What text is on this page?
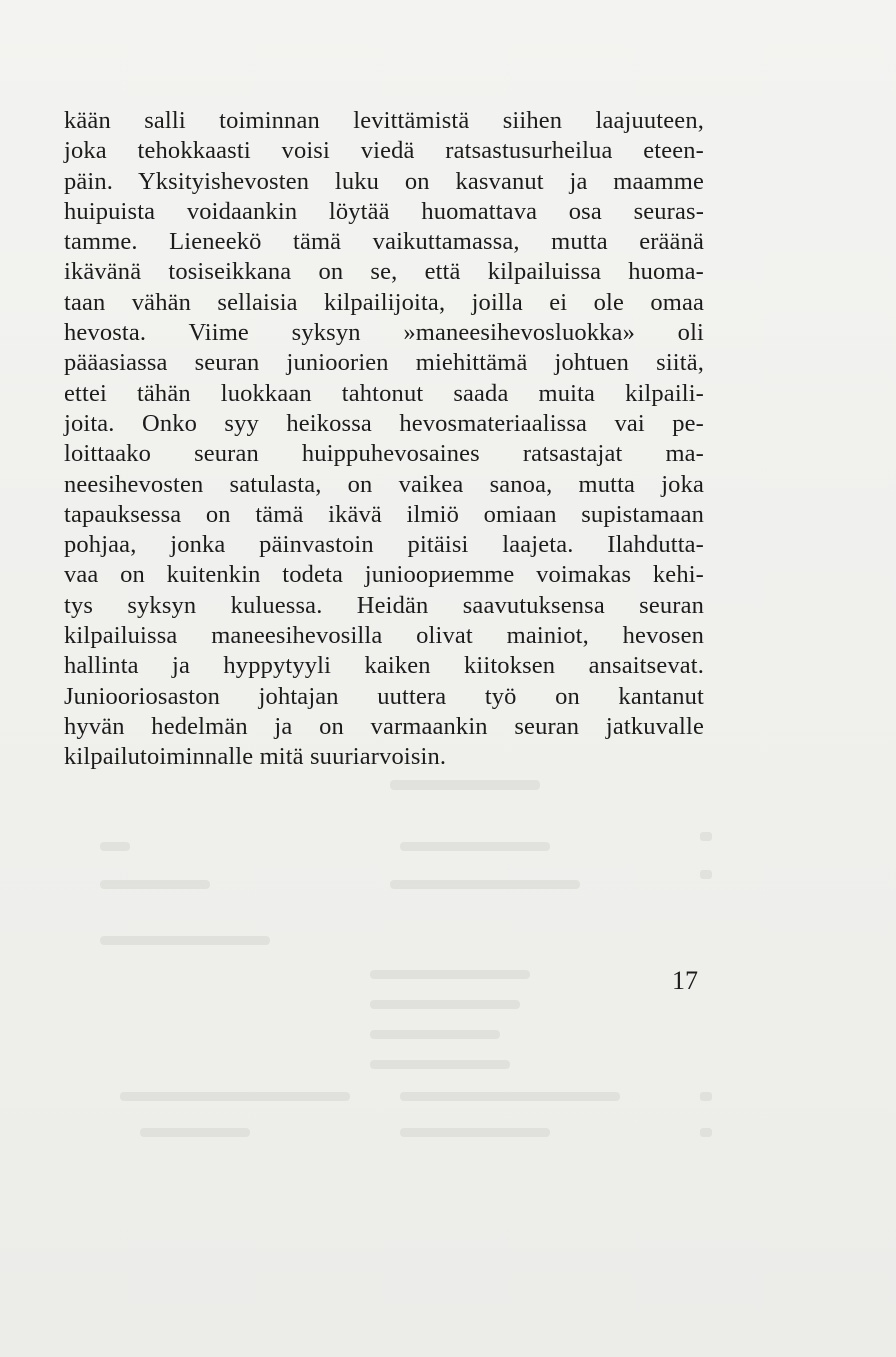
kään salli toiminnan levittämistä siihen laajuuteen,
joka tehokkaasti voisi viedä ratsastusurheilua eteen-
päin. Yksityishevosten luku on kasvanut ja maamme
huipuista voidaankin löytää huomattava osa seuras-
tamme. Lieneekö tämä vaikuttamassa, mutta eräänä
ikävänä tosiseikkana on se, että kilpailuissa huoma-
taan vähän sellaisia kilpailijoita, joilla ei ole omaa
hevosta. Viime syksyn »maneesihevosluokka» oli
pääasiassa seuran junioorien miehittämä johtuen siitä,
ettei tähän luokkaan tahtonut saada muita kilpaili-
joita. Onko syy heikossa hevosmateriaalissa vai pe-
loittaako seuran huippuhevosaines ratsastajat ma-
neesihevosten satulasta, on vaikea sanoa, mutta joka
tapauksessa on tämä ikävä ilmiö omiaan supistamaan
pohjaa, jonka päinvastoin pitäisi laajeta. Ilahdutta-
vaa on kuitenkin todeta junioориemme voimakas kehi-
tys syksyn kuluessa. Heidän saavutuksensa seuran
kilpailuissa maneesihevosilla olivat mainiot, hevosen
hallinta ja hyppytyyli kaiken kiitoksen ansaitsevat.
Juniooriosaston johtajan uuttera työ on kantanut
hyvän hedelmän ja on varmaankin seuran jatkuvalle
kilpailutoiminnalle mitä suuriarvoisin.

17
